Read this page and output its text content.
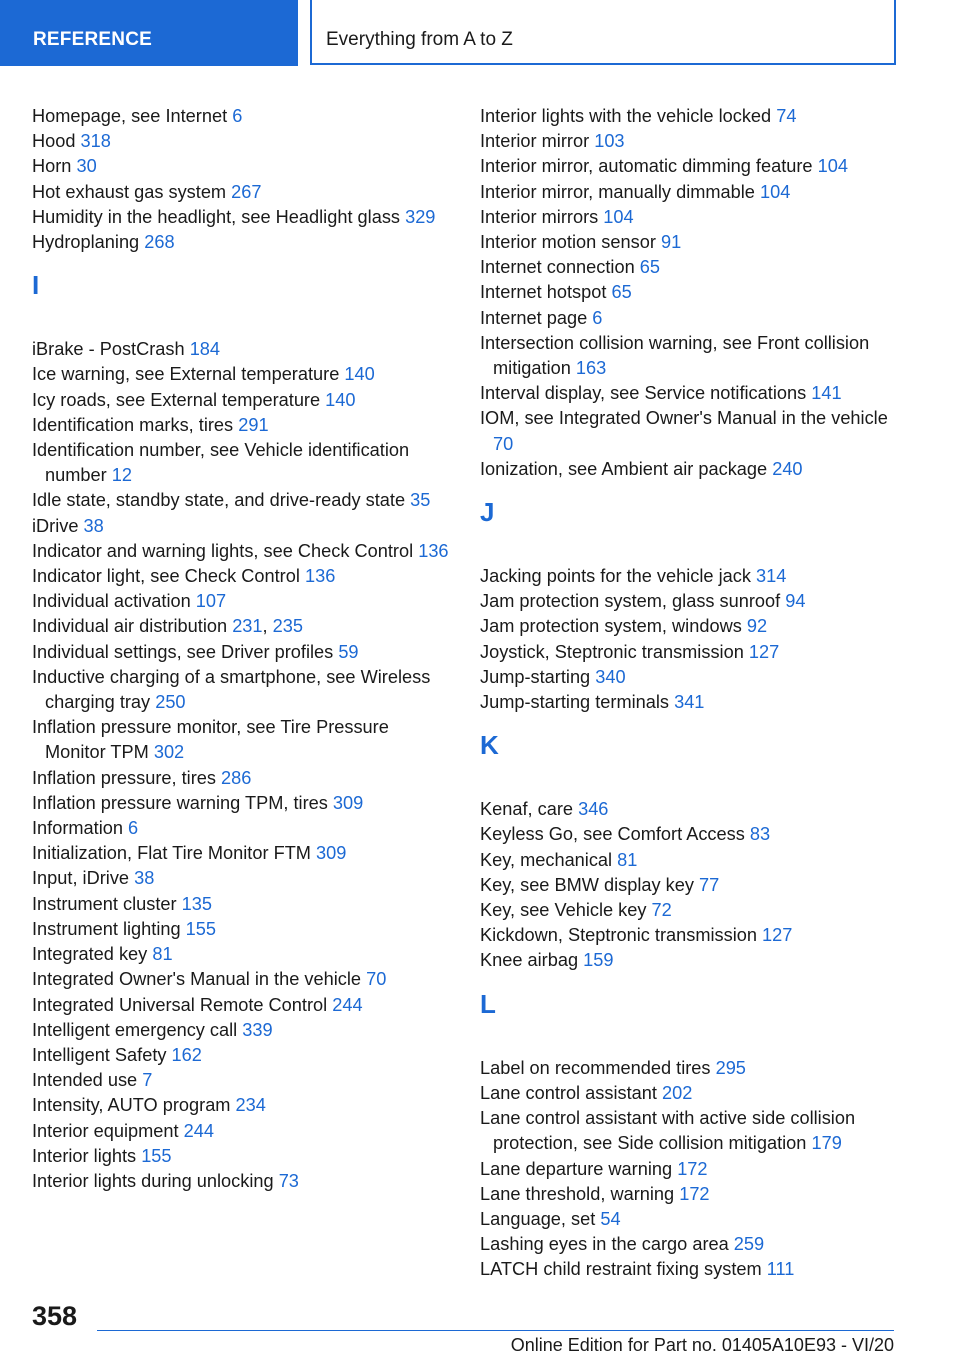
REFERENCE	Everything from A to Z
Homepage, see Internet 6
Hood 318
Horn 30
Hot exhaust gas system 267
Humidity in the headlight, see Headlight glass 329
Hydroplaning 268
I
iBrake - PostCrash 184
Ice warning, see External temperature 140
Icy roads, see External temperature 140
Identification marks, tires 291
Identification number, see Vehicle identification number 12
Idle state, standby state, and drive-ready state 35
iDrive 38
Indicator and warning lights, see Check Control 136
Indicator light, see Check Control 136
Individual activation 107
Individual air distribution 231, 235
Individual settings, see Driver profiles 59
Inductive charging of a smartphone, see Wireless charging tray 250
Inflation pressure monitor, see Tire Pressure Monitor TPM 302
Inflation pressure, tires 286
Inflation pressure warning TPM, tires 309
Information 6
Initialization, Flat Tire Monitor FTM 309
Input, iDrive 38
Instrument cluster 135
Instrument lighting 155
Integrated key 81
Integrated Owner's Manual in the vehicle 70
Integrated Universal Remote Control 244
Intelligent emergency call 339
Intelligent Safety 162
Intended use 7
Intensity, AUTO program 234
Interior equipment 244
Interior lights 155
Interior lights during unlocking 73
Interior lights with the vehicle locked 74
Interior mirror 103
Interior mirror, automatic dimming feature 104
Interior mirror, manually dimmable 104
Interior mirrors 104
Interior motion sensor 91
Internet connection 65
Internet hotspot 65
Internet page 6
Intersection collision warning, see Front collision mitigation 163
Interval display, see Service notifications 141
IOM, see Integrated Owner's Manual in the vehicle 70
Ionization, see Ambient air package 240
J
Jacking points for the vehicle jack 314
Jam protection system, glass sunroof 94
Jam protection system, windows 92
Joystick, Steptronic transmission 127
Jump-starting 340
Jump-starting terminals 341
K
Kenaf, care 346
Keyless Go, see Comfort Access 83
Key, mechanical 81
Key, see BMW display key 77
Key, see Vehicle key 72
Kickdown, Steptronic transmission 127
Knee airbag 159
L
Label on recommended tires 295
Lane control assistant 202
Lane control assistant with active side collision protection, see Side collision mitigation 179
Lane departure warning 172
Lane threshold, warning 172
Language, set 54
Lashing eyes in the cargo area 259
LATCH child restraint fixing system 111
358
Online Edition for Part no. 01405A10E93 - VI/20
